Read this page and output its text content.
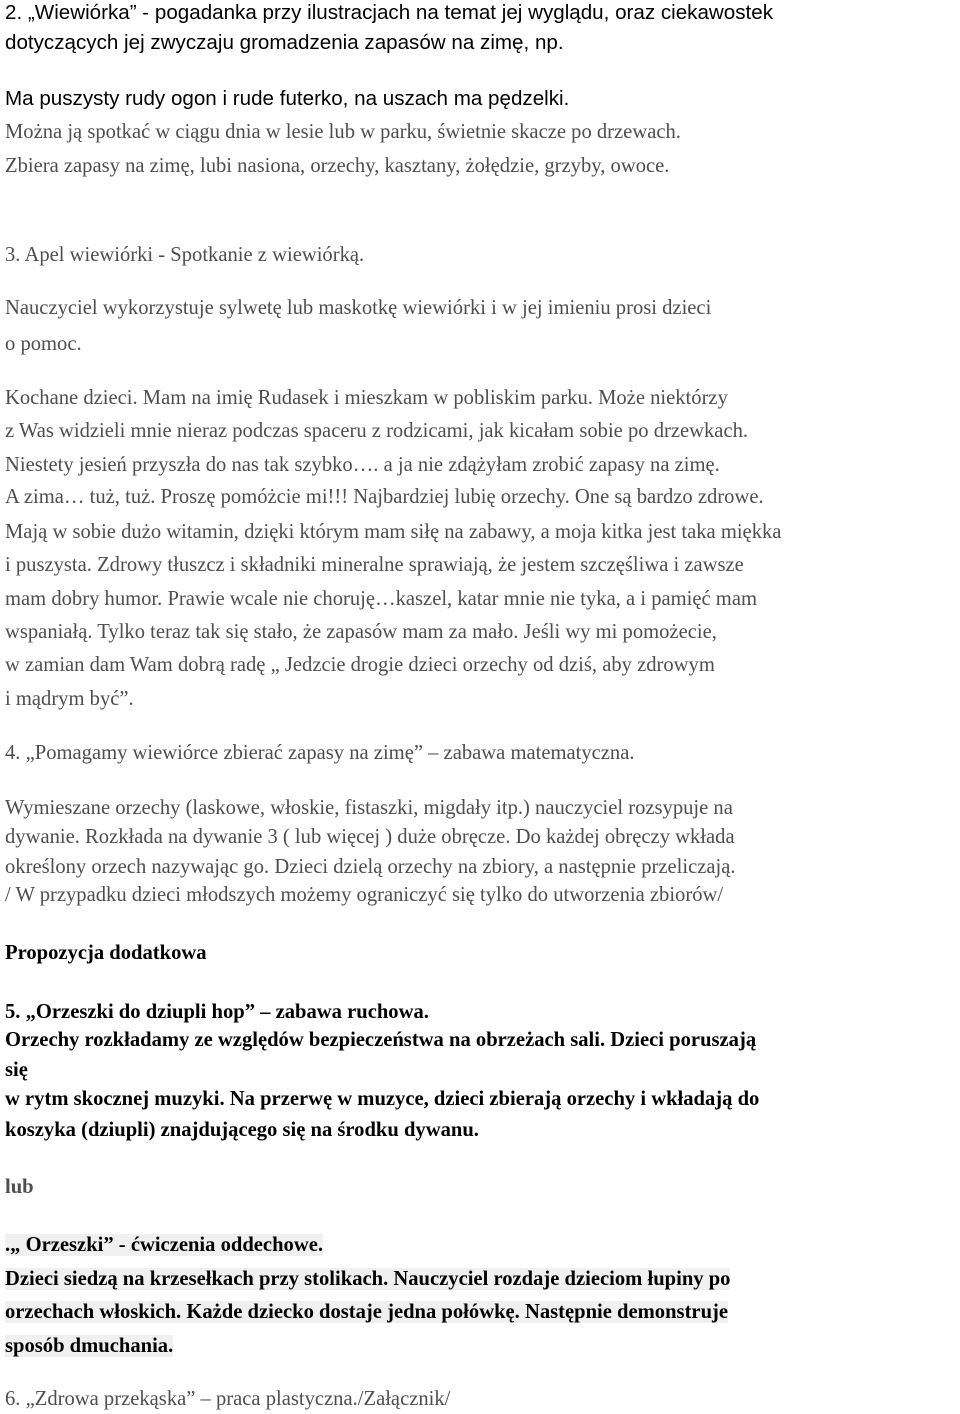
2. „Wiewiórka” - pogadanka przy ilustracjach na temat jej wyglądu, oraz ciekawostek

dotyczących jej zwyczaju gromadzenia zapasów na zimę, np.

Ma puszysty rudy ogon i rude futerko, na uszach ma pędzelki.

Można ją spotkać w ciągu dnia w lesie lub w parku, świetnie skacze po drzewach.

Zbiera zapasy na zimę, lubi nasiona, orzechy, kasztany, żołędzie, grzyby, owoce.

3. Apel wiewiórki - Spotkanie z wiewiórką.

Nauczyciel wykorzystuje sylwetę lub maskotkę wiewiórki i w jej imieniu prosi dzieci

o pomoc.

Kochane dzieci. Mam na imię Rudasek i mieszkam w pobliskim parku. Może niektórzy

z Was widzieli mnie nieraz podczas spaceru z rodzicami, jak kicałam sobie po drzewkach.

Niestety jesień przyszła do nas tak szybko…. a ja nie zdążyłam zrobić zapasy na zimę.

A zima… tuż, tuż. Proszę pomóżcie mi!!! Najbardziej lubię orzechy. One są bardzo zdrowe.

Mają w sobie dużo witamin, dzięki którym mam siłę na zabawy, a moja kitka jest taka miękka

i puszysta. Zdrowy tłuszcz i składniki mineralne sprawiają, że jestem szczęśliwa i zawsze

mam dobry humor. Prawie wcale nie choruję…kaszel, katar mnie nie tyka, a i pamięć mam

wspaniałą. Tylko teraz tak się stało, że zapasów mam za mało. Jeśli wy mi pomożecie,

w zamian dam Wam dobrą radę „ Jedzcie drogie dzieci orzechy od dziś, aby zdrowym

i mądrym być”.

4. „Pomagamy wiewiórce zbierać zapasy na zimę” – zabawa matematyczna.

Wymieszane orzechy (laskowe, włoskie, fistaszki, migdały itp.) nauczyciel rozsypuje na

dywanie. Rozkłada na dywanie 3 ( lub więcej ) duże obręcze. Do każdej obręczy wkłada

określony orzech nazywając go. Dzieci dzielą orzechy na zbiory, a następnie przeliczają.

/ W przypadku dzieci młodszych możemy ograniczyć się tylko do utworzenia zbiorów/

Propozycja dodatkowa

5. „Orzeszki do dziupli hop” – zabawa ruchowa.

Orzechy rozkładamy ze względów bezpieczeństwa na obrzeżach sali. Dzieci poruszają

się

w rytm skocznej muzyki. Na przerwę w muzyce, dzieci zbierają orzechy i wkładają do

koszyka (dziupli) znajdującego się na środku dywanu.

lub

.„ Orzeszki” - ćwiczenia oddechowe.

Dzieci siedzą na krzesełkach przy stolikach. Nauczyciel rozdaje dzieciom łupiny po

orzechach włoskich. Każde dziecko dostaje jedna połówkę. Następnie demonstruje

sposób dmuchania.

6. „Zdrowa przekąska” – praca plastyczna./Załącznik/
